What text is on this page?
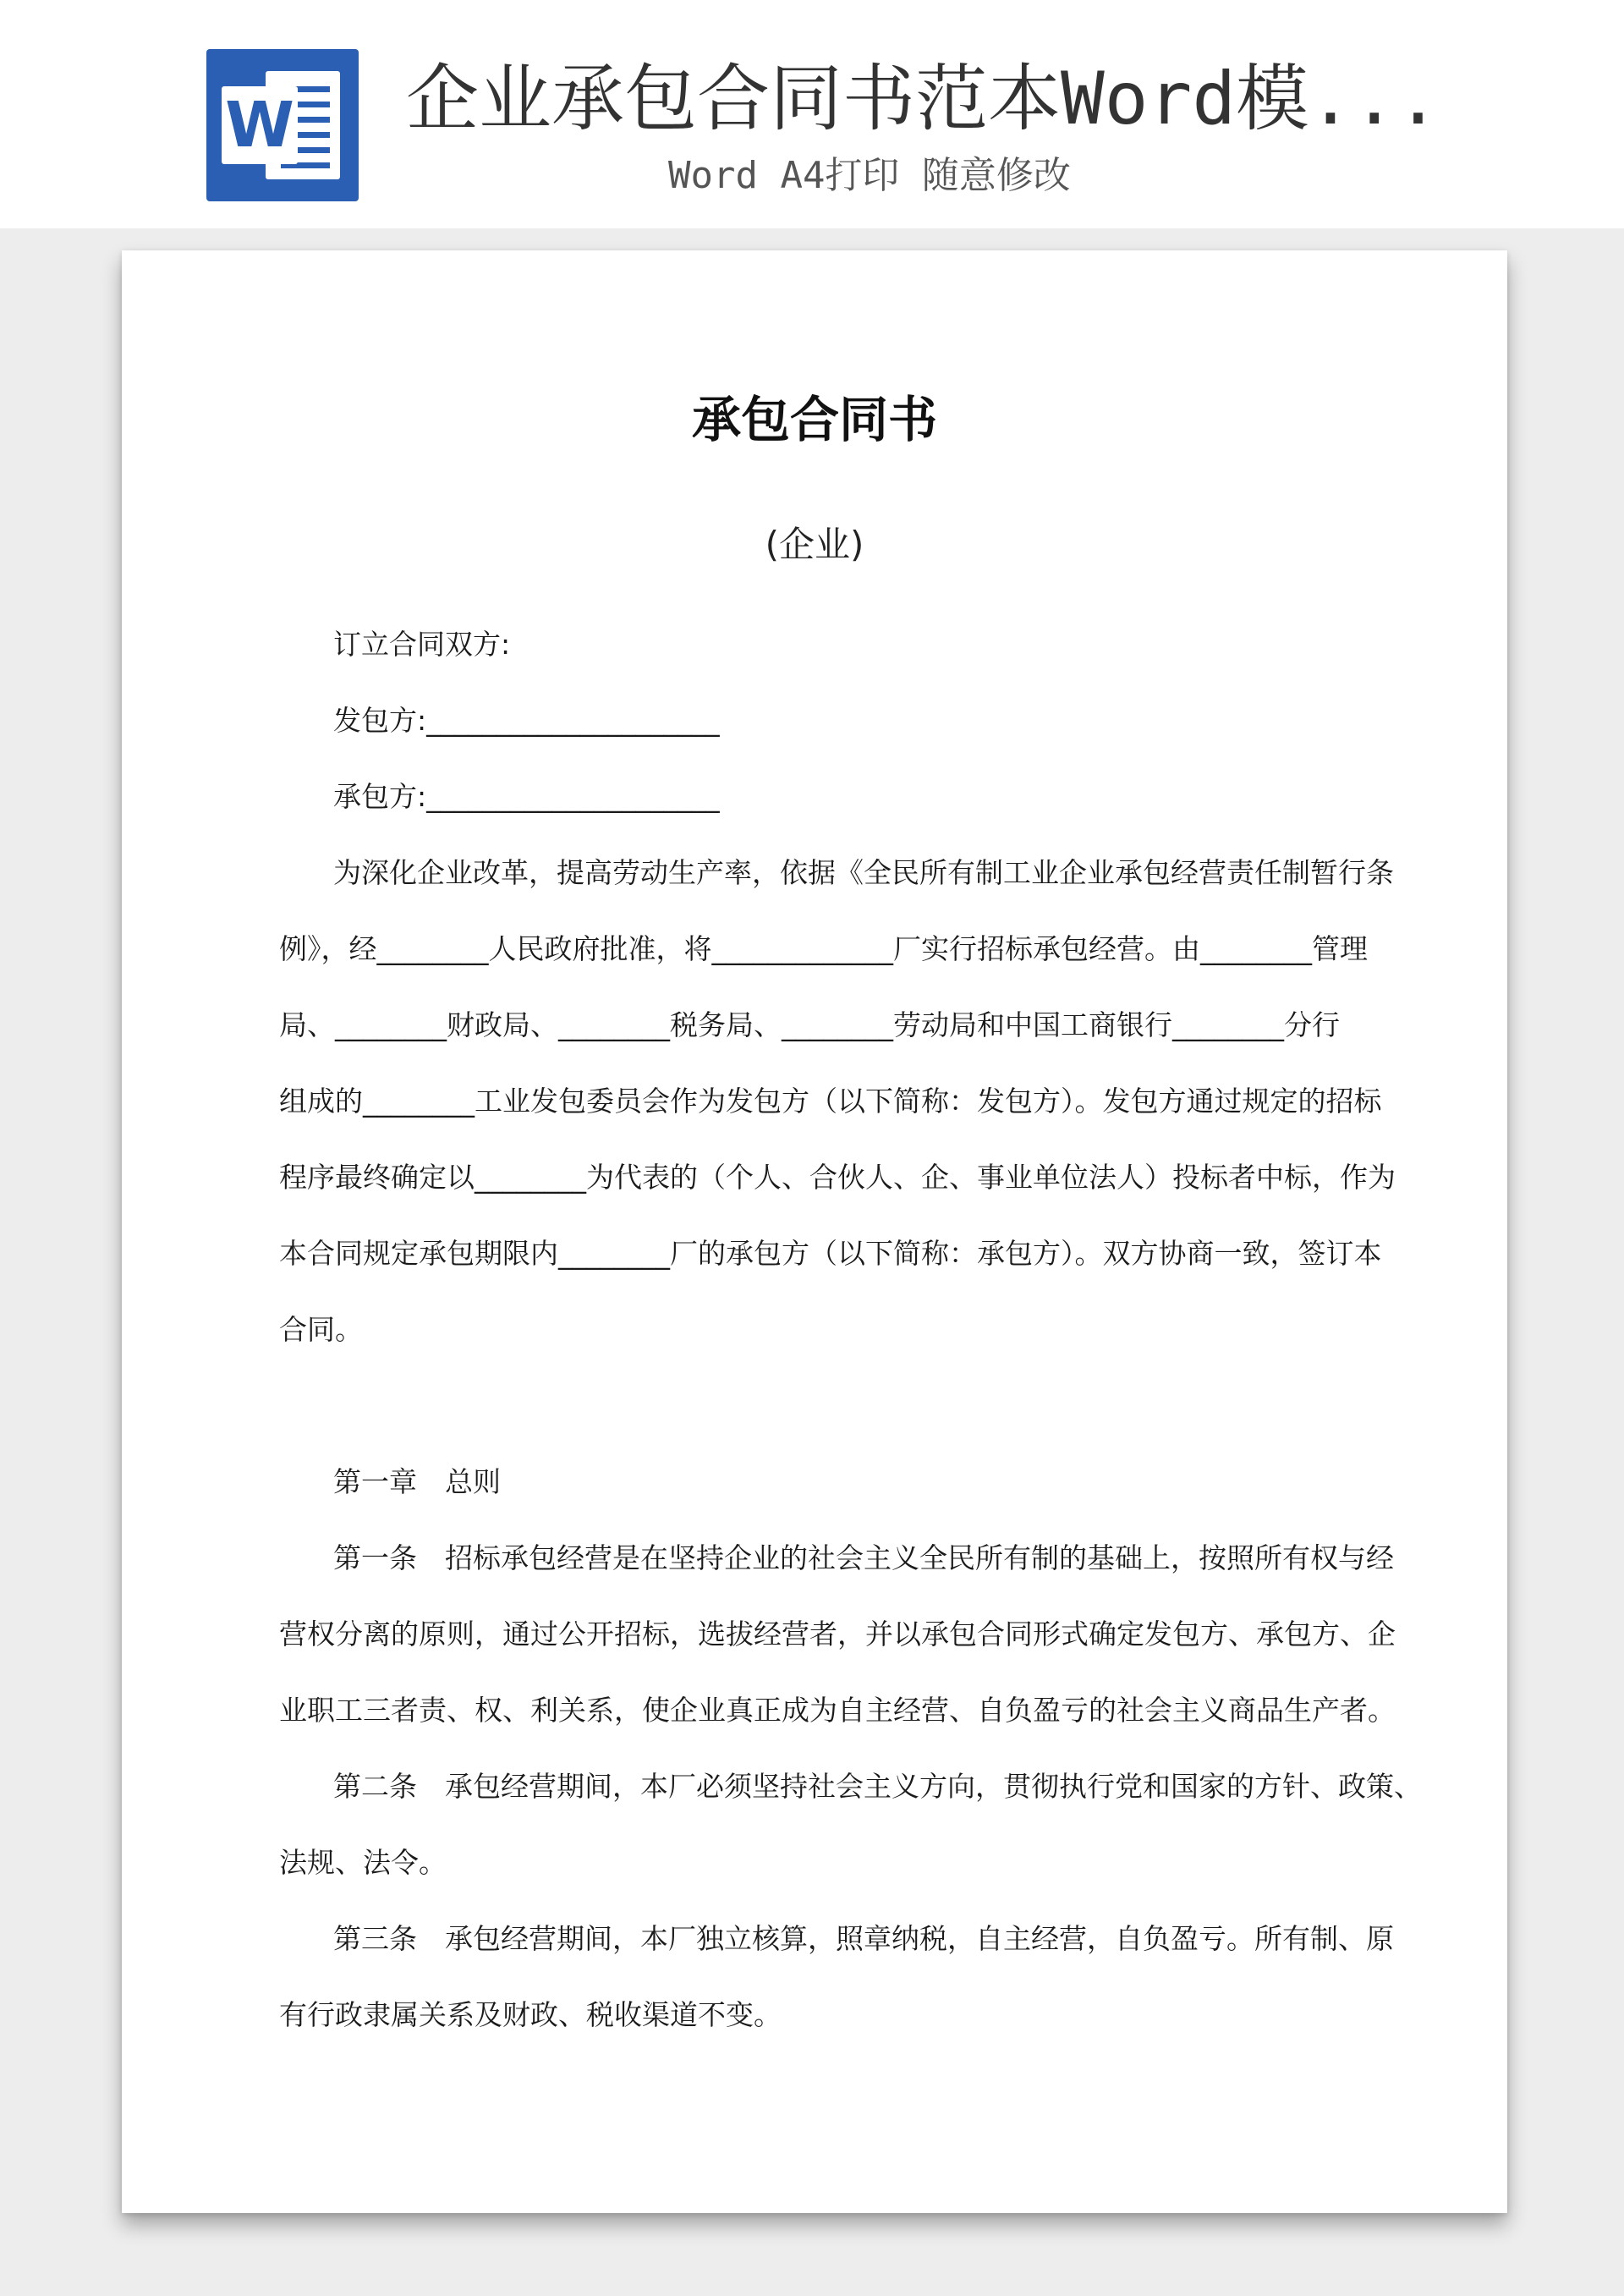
W 企业承包合同书范本Word模...
Word A4打印 随意修改
承包合同书
(企业)
订立合同双方:
发包方:_____________________
承包方:_____________________
为深化企业改革，提高劳动生产率，依据《全民所有制工业企业承包经营责任制暂行条
例》，经________人民政府批准，将_____________厂实行招标承包经营。由________管理
局、________财政局、________税务局、________劳动局和中国工商银行________分行
组成的________工业发包委员会作为发包方（以下简称：发包方）。发包方通过规定的招标
程序最终确定以________为代表的（个人、合伙人、企、事业单位法人）投标者中标，作为
本合同规定承包期限内________厂的承包方（以下简称：承包方）。双方协商一致，签订本
合同。
第一章　总则
第一条　招标承包经营是在坚持企业的社会主义全民所有制的基础上，按照所有权与经
营权分离的原则，通过公开招标，选拔经营者，并以承包合同形式确定发包方、承包方、企
业职工三者责、权、利关系，使企业真正成为自主经营、自负盈亏的社会主义商品生产者。
第二条　承包经营期间，本厂必须坚持社会主义方向，贯彻执行党和国家的方针、政策、
法规、法令。
第三条　承包经营期间，本厂独立核算，照章纳税，自主经营，自负盈亏。所有制、原
有行政隶属关系及财政、税收渠道不变。
